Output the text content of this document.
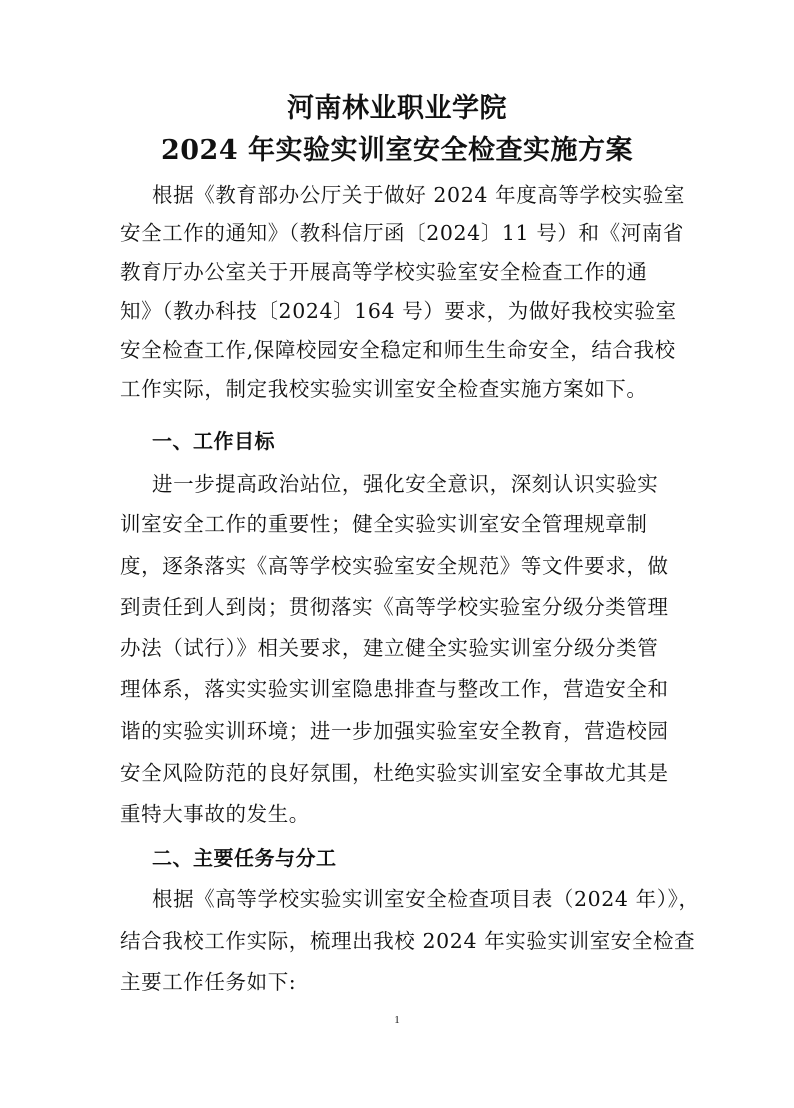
河南林业职业学院
2024 年实验实训室安全检查实施方案
根据《教育部办公厅关于做好 2024 年度高等学校实验室
安全工作的通知》（教科信厅函〔2024〕11 号）和《河南省
教育厅办公室关于开展高等学校实验室安全检查工作的通
知》（教办科技〔2024〕164 号）要求，为做好我校实验室
安全检查工作,保障校园安全稳定和师生生命安全，结合我校
工作实际，制定我校实验实训室安全检查实施方案如下。
一、工作目标
进一步提高政治站位，强化安全意识，深刻认识实验实
训室安全工作的重要性；健全实验实训室安全管理规章制
度，逐条落实《高等学校实验室安全规范》等文件要求，做
到责任到人到岗；贯彻落实《高等学校实验室分级分类管理
办法（试行）》相关要求，建立健全实验实训室分级分类管
理体系，落实实验实训室隐患排查与整改工作，营造安全和
谐的实验实训环境；进一步加强实验室安全教育，营造校园
安全风险防范的良好氛围，杜绝实验实训室安全事故尤其是
重特大事故的发生。
二、主要任务与分工
根据《高等学校实验实训室安全检查项目表（2024 年）》，
结合我校工作实际，梳理出我校 2024 年实验实训室安全检查
主要工作任务如下:
1
